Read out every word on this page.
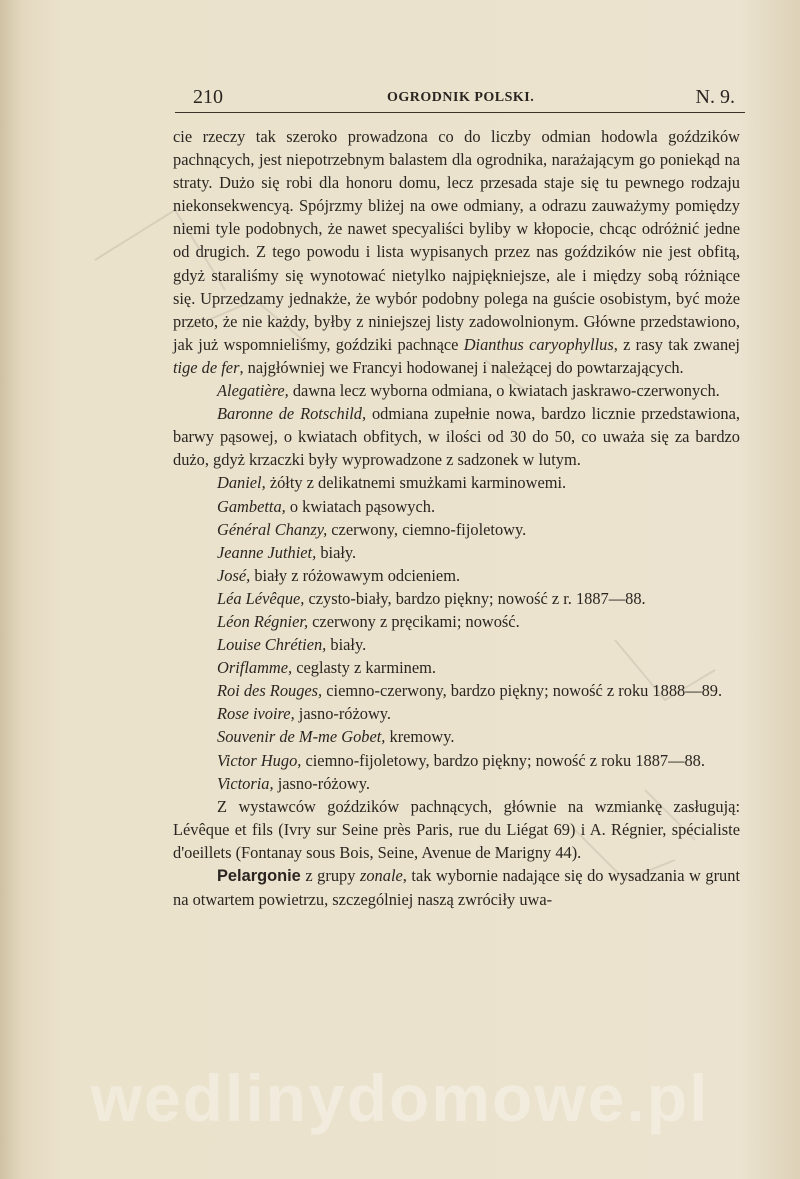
210	OGRODNIK POLSKI.	N. 9.

cie rzeczy tak szeroko prowadzona co do liczby odmian hodowla goździków pachnących, jest niepotrzebnym balastem dla ogrodnika, narażającym go poniekąd na straty. Dużo się robi dla honoru domu, lecz przesada staje się tu pewnego rodzaju niekonsekwencyą. Spójrzmy bliżej na owe odmiany, a odrazu zauważymy pomiędzy niemi tyle podobnych, że nawet specyaliści byliby w kłopocie, chcąc odróżnić jedne od drugich. Z tego powodu i lista wypisanych przez nas goździków nie jest obfitą, gdyż staraliśmy się wynotować nietylko najpiękniejsze, ale i między sobą różniące się. Uprzedzamy jednakże, że wybór podobny polega na guście osobistym, być może przeto, że nie każdy, byłby z niniejszej listy zadowolnionym. Główne przedstawiono, jak już wspomnieliśmy, goździki pachnące Dianthus caryophyllus, z rasy tak zwanej tige de fer, najgłówniej we Francyi hodowanej i należącej do powtarzających.

Alegatière, dawna lecz wyborna odmiana, o kwiatach jaskrawo-czerwonych.

Baronne de Rotschild, odmiana zupełnie nowa, bardzo licznie przedstawiona, barwy pąsowej, o kwiatach obfitych, w ilości od 30 do 50, co uważa się za bardzo dużo, gdyż krzaczki były wyprowadzone z sadzonek w lutym.

Daniel, żółty z delikatnemi smużkami karminowemi.

Gambetta, o kwiatach pąsowych.

Général Chanzy, czerwony, ciemno-fijoletowy.

Jeanne Juthiet, biały.

José, biały z różowawym odcieniem.

Léa Lévêque, czysto-biały, bardzo piękny; nowość z r. 1887—88.

Léon Régnier, czerwony z pręcikami; nowość.

Louise Chrétien, biały.

Oriflamme, ceglasty z karminem.

Roi des Rouges, ciemno-czerwony, bardzo piękny; nowość z roku 1888—89.

Rose ivoire, jasno-różowy.

Souvenir de M-me Gobet, kremowy.

Victor Hugo, ciemno-fijoletowy, bardzo piękny; nowość z roku 1887—88.

Victoria, jasno-różowy.

Z wystawców goździków pachnących, głównie na wzmiankę zasługują: Lévêque et fils (Ivry sur Seine près Paris, rue du Liégat 69) i A. Régnier, spécialiste d'oeillets (Fontanay sous Bois, Seine, Avenue de Marigny 44).

Pelargonie z grupy zonale, tak wybornie nadające się do wysadzania w grunt na otwartem powietrzu, szczególniej naszą zwróciły uwa-

wedlinydomowe.pl
